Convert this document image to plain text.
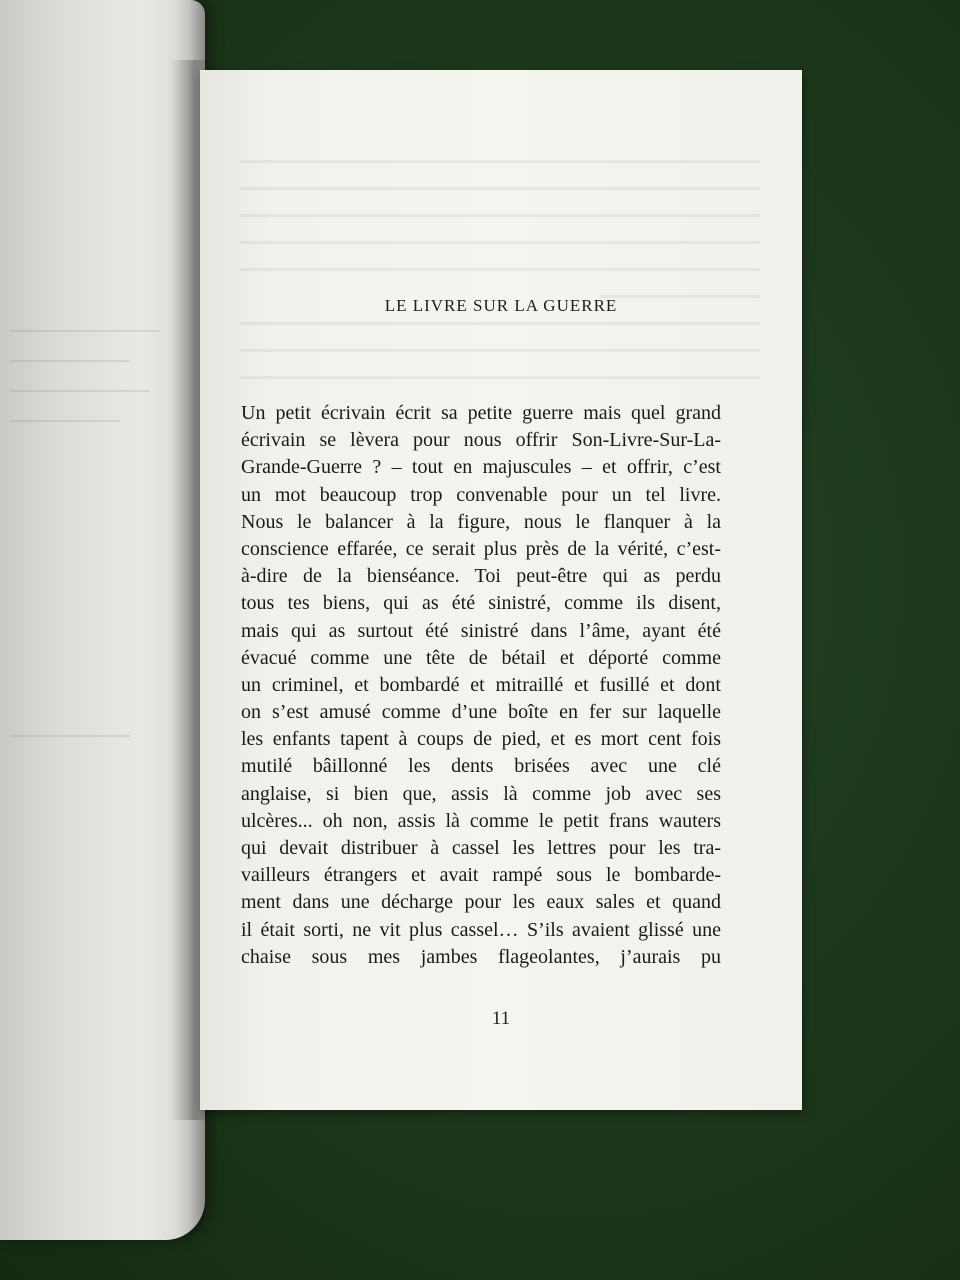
LE LIVRE SUR LA GUERRE
Un petit écrivain écrit sa petite guerre mais quel grand
écrivain se lèvera pour nous offrir Son-Livre-Sur-La-
Grande-Guerre ? – tout en majuscules – et offrir, c’est
un mot beaucoup trop convenable pour un tel livre.
Nous le balancer à la figure, nous le flanquer à la
conscience effarée, ce serait plus près de la vérité, c’est-
à-dire de la bienséance. Toi peut-être qui as perdu
tous tes biens, qui as été sinistré, comme ils disent,
mais qui as surtout été sinistré dans l’âme, ayant été
évacué comme une tête de bétail et déporté comme
un criminel, et bombardé et mitraillé et fusillé et dont
on s’est amusé comme d’une boîte en fer sur laquelle
les enfants tapent à coups de pied, et es mort cent fois
mutilé bâillonné les dents brisées avec une clé
anglaise, si bien que, assis là comme job avec ses
ulcères... oh non, assis là comme le petit frans wauters
qui devait distribuer à cassel les lettres pour les tra-
vailleurs étrangers et avait rampé sous le bombarde-
ment dans une décharge pour les eaux sales et quand
il était sorti, ne vit plus cassel… S’ils avaient glissé une
chaise sous mes jambes flageolantes, j’aurais pu
11
